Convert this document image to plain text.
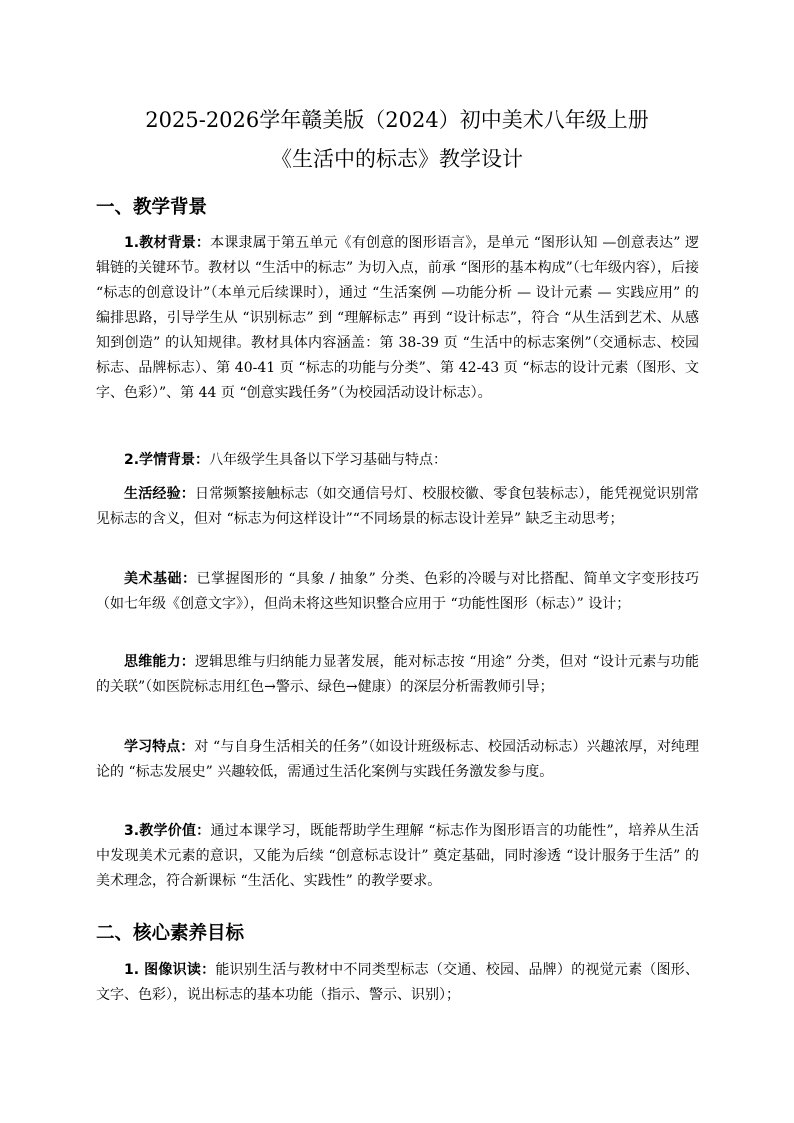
2025-2026学年赣美版（2024）初中美术八年级上册
《生活中的标志》教学设计
一、教学背景

1.教材背景：本课隶属于第五单元《有创意的图形语言》，是单元 “图形认知 —创意表达” 逻辑链的关键环节。教材以 “生活中的标志” 为切入点，前承 “图形的基本构成”（七年级内容），后接 “标志的创意设计”（本单元后续课时），通过 “生活案例 —功能分析 — 设计元素 — 实践应用” 的编排思路，引导学生从 “识别标志” 到 “理解标志” 再到 “设计标志”，符合 “从生活到艺术、从感知到创造” 的认知规律。教材具体内容涵盖：第 38-39 页 “生活中的标志案例”（交通标志、校园标志、品牌标志）、第 40-41 页 “标志的功能与分类”、第 42-43 页 “标志的设计元素（图形、文字、色彩）”、第 44 页 “创意实践任务”（为校园活动设计标志）。

2.学情背景：八年级学生具备以下学习基础与特点：

生活经验：日常频繁接触标志（如交通信号灯、校服校徽、零食包装标志），能凭视觉识别常见标志的含义，但对 “标志为何这样设计”“不同场景的标志设计差异” 缺乏主动思考；

美术基础：已掌握图形的 “具象 / 抽象” 分类、色彩的冷暖与对比搭配、简单文字变形技巧（如七年级《创意文字》），但尚未将这些知识整合应用于 “功能性图形（标志）” 设计；

思维能力：逻辑思维与归纳能力显著发展，能对标志按 “用途” 分类，但对 “设计元素与功能的关联”（如医院标志用红色→警示、绿色→健康）的深层分析需教师引导；

学习特点：对 “与自身生活相关的任务”（如设计班级标志、校园活动标志）兴趣浓厚，对纯理论的 “标志发展史” 兴趣较低，需通过生活化案例与实践任务激发参与度。

3.教学价值：通过本课学习，既能帮助学生理解 “标志作为图形语言的功能性”，培养从生活中发现美术元素的意识，又能为后续 “创意标志设计” 奠定基础，同时渗透 “设计服务于生活” 的美术理念，符合新课标 “生活化、实践性” 的教学要求。

二、核心素养目标

1. 图像识读：能识别生活与教材中不同类型标志（交通、校园、品牌）的视觉元素（图形、文字、色彩），说出标志的基本功能（指示、警示、识别）；
